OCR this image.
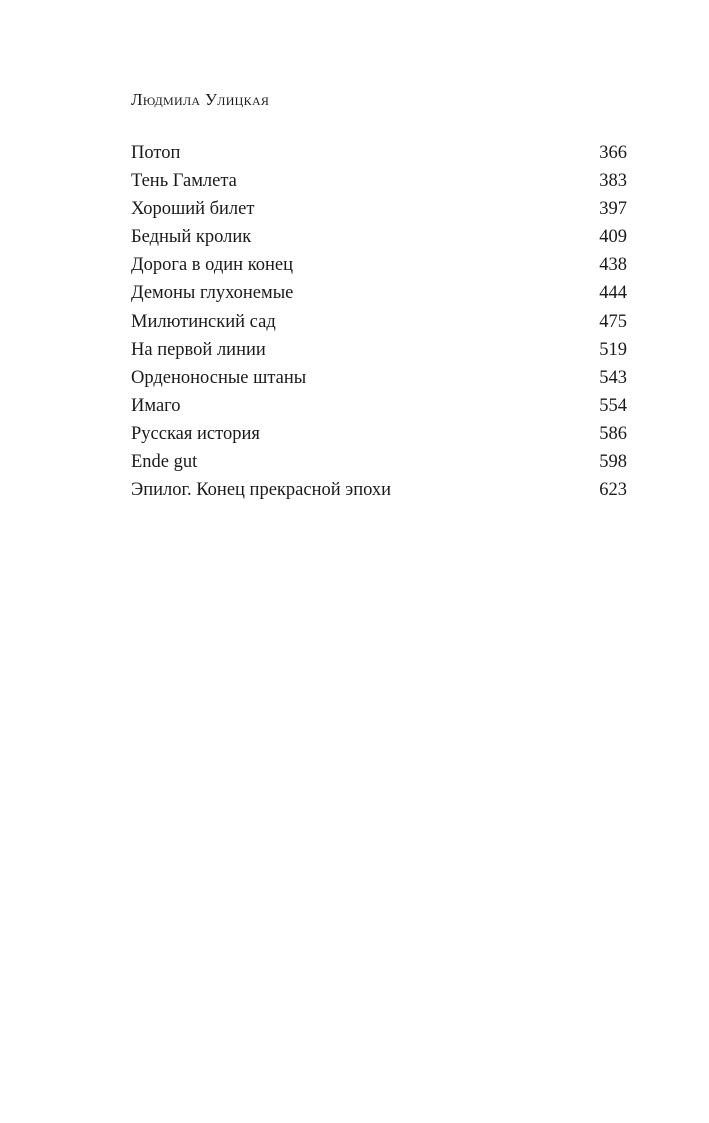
Людмила Улицкая
Потоп	366
Тень Гамлета	383
Хороший билет	397
Бедный кролик	409
Дорога в один конец	438
Демоны глухонемые	444
Милютинский сад	475
На первой линии	519
Орденоносные штаны	543
Имаго	554
Русская история	586
Ende gut	598
Эпилог. Конец прекрасной эпохи	623
